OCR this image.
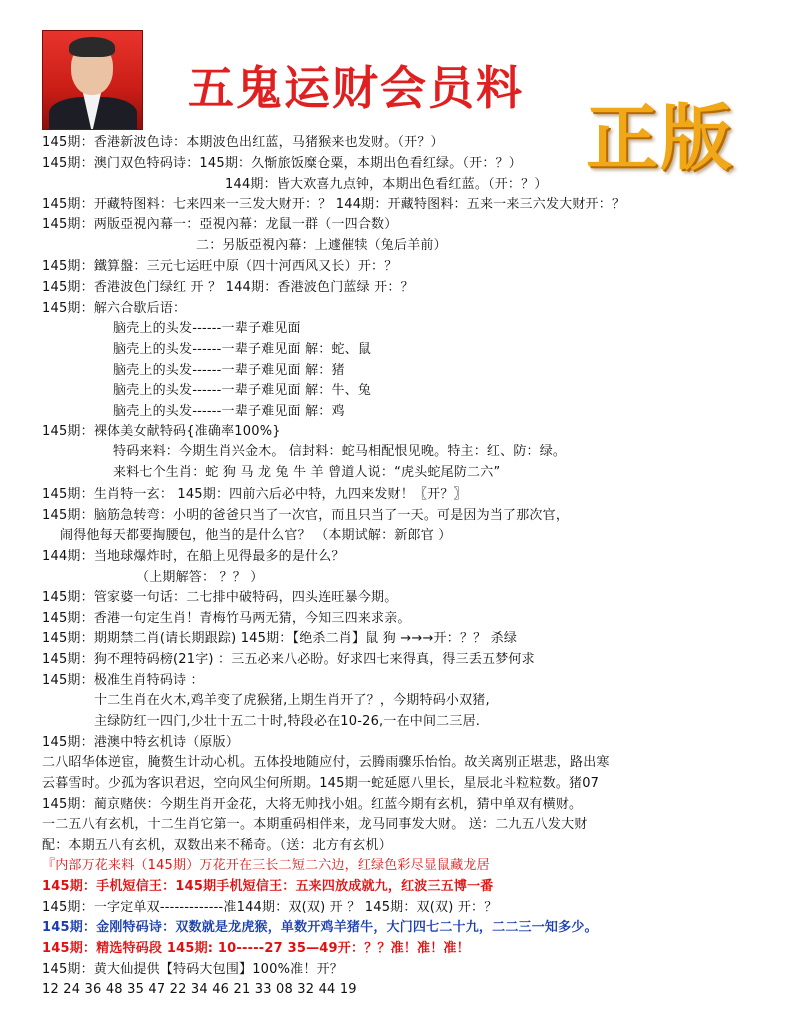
五鬼运财会员料
正版
145期：香港新波色诗：本期波色出红蓝，马猪猴来也发财。（开？）
145期：澳门双色特码诗：145期：久惭旅饭糜仓粟，本期出色看红绿。（开：？）
144期：皆大欢喜九点钟，本期出色看红蓝。（开：？）
145期：开藏特图料：七来四来一三发大财开：？ 144期：开藏特图料：五来一来三六发大财开：？
145期：两版亞視內幕一：亞視內幕：龙鼠一群（一四合数）
二：另版亞視內幕：上遽催犊（兔后羊前）
145期：鐵算盤：三元七运旺中原（四十河西风又长）开：？
145期：香港波色门绿红 开 ？ 144期：香港波色门蓝绿 开：？
145期：解六合歇后语：
脑壳上的头发------一辈子难见面
脑壳上的头发------一辈子难见面 解：蛇、鼠
脑壳上的头发------一辈子难见面 解：猪
脑壳上的头发------一辈子难见面 解：牛、兔
脑壳上的头发------一辈子难见面 解：鸡
145期：裸体美女献特码{准确率100%}
特码来料：今期生肖兴金木。 信封料：蛇马相配恨见晚。特主：红、防：绿。
来料七个生肖：蛇 狗 马 龙 兔 牛 羊 曾道人说：“虎头蛇尾防二六”
145期：生肖特一玄： 145期：四前六后必中特，九四来发财！〖开？〗
145期：脑筋急转弯：小明的爸爸只当了一次官，而且只当了一天。可是因为当了那次官，
闹得他每天都要掏腰包，他当的是什么官？ （本期试解：新郎官 ）
144期：当地球爆炸时，在船上见得最多的是什么？
（上期解答： ？？ ）
145期：管家婆一句话：二七排中破特码，四头连旺暴今期。
145期：香港一句定生肖！青梅竹马两无猜，今知三四来求亲。
145期：期期禁二肖(请长期跟踪) 145期：【绝杀二肖】鼠 狗 →→→开：？？ 杀绿
145期：狗不理特码榜(21字) ：三五必来八必盼。好求四七来得真，得三丢五梦何求
145期：极准生肖特码诗 ：
十二生肖在火木,鸡羊变了虎猴猪,上期生肖开了？，今期特码小双猪,
主绿防红一四门,少壮十五二十时,特段必在10-26,一在中间二三居.
145期：港澳中特玄机诗（原版）
二八昭华体逆宦，腌赘生计动心机。五体投地随应付，云腾雨骤乐怡怡。故关离别正堪悲，路出寒
云暮雪时。少孤为客识君迟，空向风尘何所期。145期一蛇延愿八里长，星辰北斗粒粒数。猪07
145期：蔺京赌侠：今期生肖开金花，大将无帅找小姐。红蓝今期有玄机，猜中单双有横财。
一二五八有玄机，十二生肖它第一。本期重码相伴来，龙马同事发大财。 送：二九五八发大财
配：本期五八有玄机，双数出来不稀奇。（送：北方有玄机）
『内部万花来料（145期）万花开在三长二短二六边，红绿色彩尽显鼠藏龙居
145期：手机短信王：145期手机短信王：五来四放成就九，红波三五博一番
145期：一字定单双-------------准144期：双(双) 开 ？ 145期：双(双) 开：？
145期：金刚特码诗：双数就是龙虎猴，单数开鸡羊猪牛，大门四七二十九，二二三一知多少。
145期：精选特码段 145期: 10-----27 35—49开：？？准！准！准！
145期：黄大仙提供【特码大包围】100%准！开？
12 24 36 48 35 47 22 34 46 21 33 08 32 44 19
